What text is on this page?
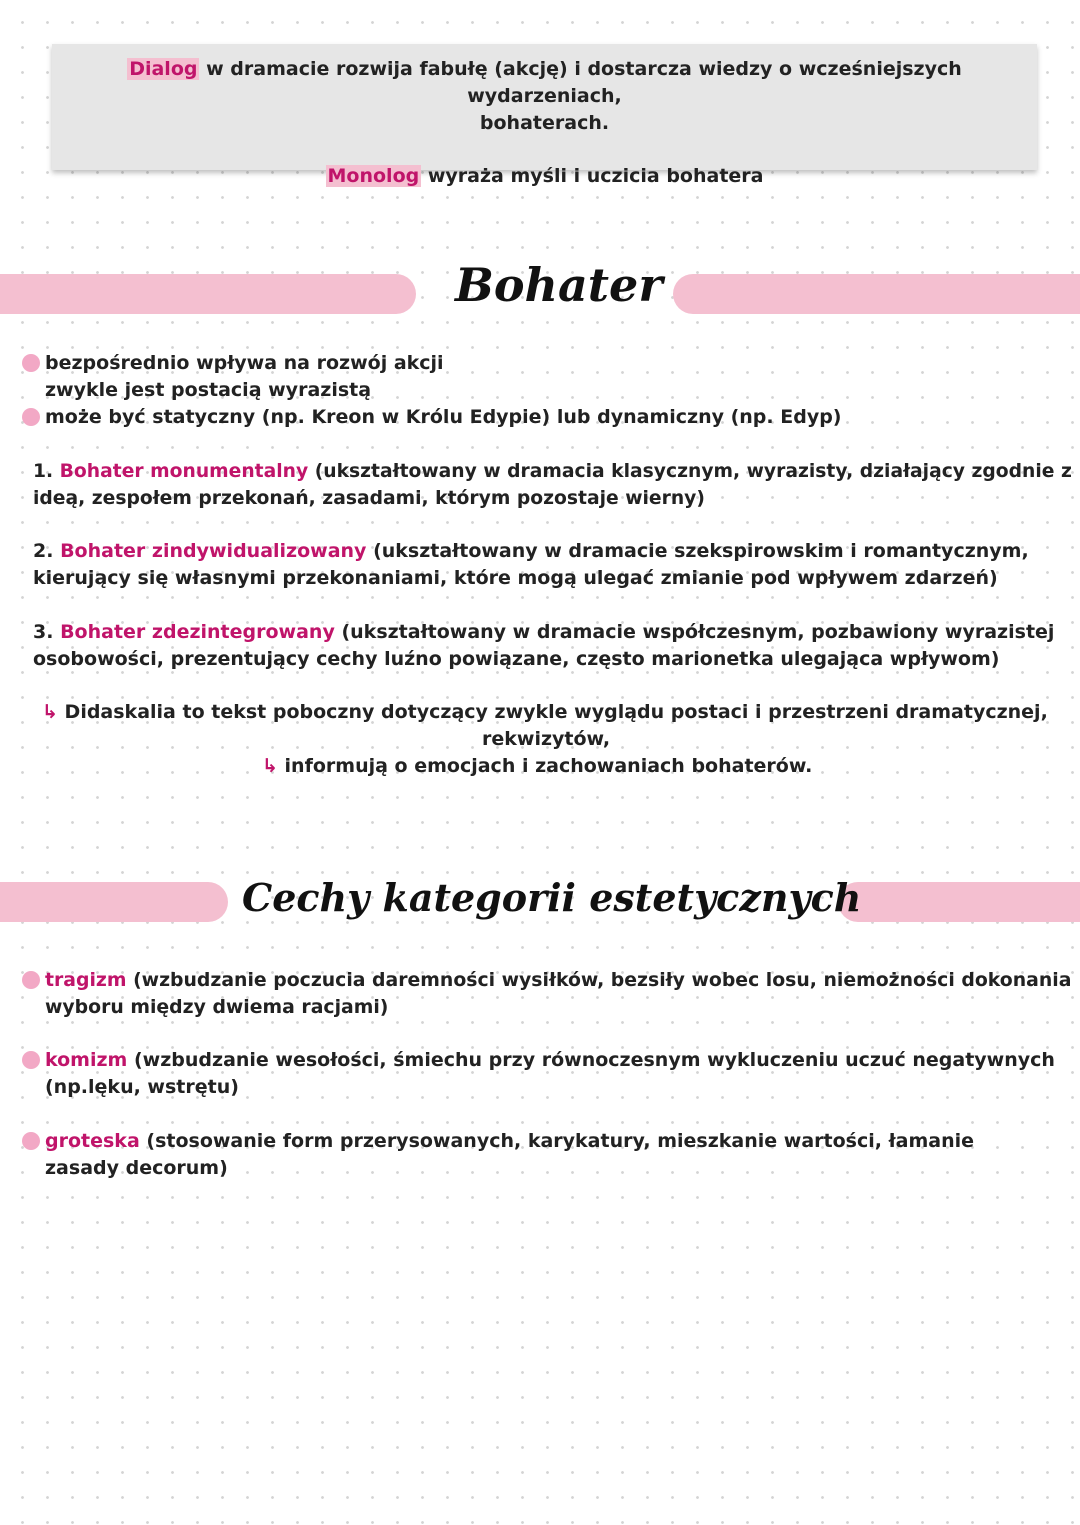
Dialog w dramacie rozwija fabułę (akcję) i dostarcza wiedzy o wcześniejszych wydarzeniach,
bohaterach.
Monolog wyraża myśli i uczicia bohatera
Bohater
bezpośrednio wpływa na rozwój akcji
zwykle jest postacią wyrazistą
może być statyczny (np. Kreon w Królu Edypie) lub dynamiczny (np. Edyp)
1. Bohater monumentalny (ukształtowany w dramacia klasycznym, wyrazisty, działający zgodnie z
ideą, zespołem przekonań, zasadami, którym pozostaje wierny)
2. Bohater zindywidualizowany (ukształtowany w dramacie szekspirowskim i romantycznym,
kierujący się własnymi przekonaniami, które mogą ulegać zmianie pod wpływem zdarzeń)
3. Bohater zdezintegrowany (ukształtowany w dramacie współczesnym, pozbawiony wyrazistej
osobowości, prezentujący cechy luźno powiązane, często marionetka ulegająca wpływom)
↳ Didaskalia to tekst poboczny dotyczący zwykle wyglądu postaci i przestrzeni dramatycznej,
rekwizytów,
↳ informują o emocjach i zachowaniach bohaterów.
Cechy kategorii estetycznych
tragizm (wzbudzanie poczucia daremności wysiłków, bezsiły wobec losu, niemożności dokonania
wyboru między dwiema racjami)
komizm (wzbudzanie wesołości, śmiechu przy równoczesnym wykluczeniu uczuć negatywnych
(np.lęku, wstrętu)
groteska (stosowanie form przerysowanych, karykatury, mieszkanie wartości, łamanie
zasady decorum)
